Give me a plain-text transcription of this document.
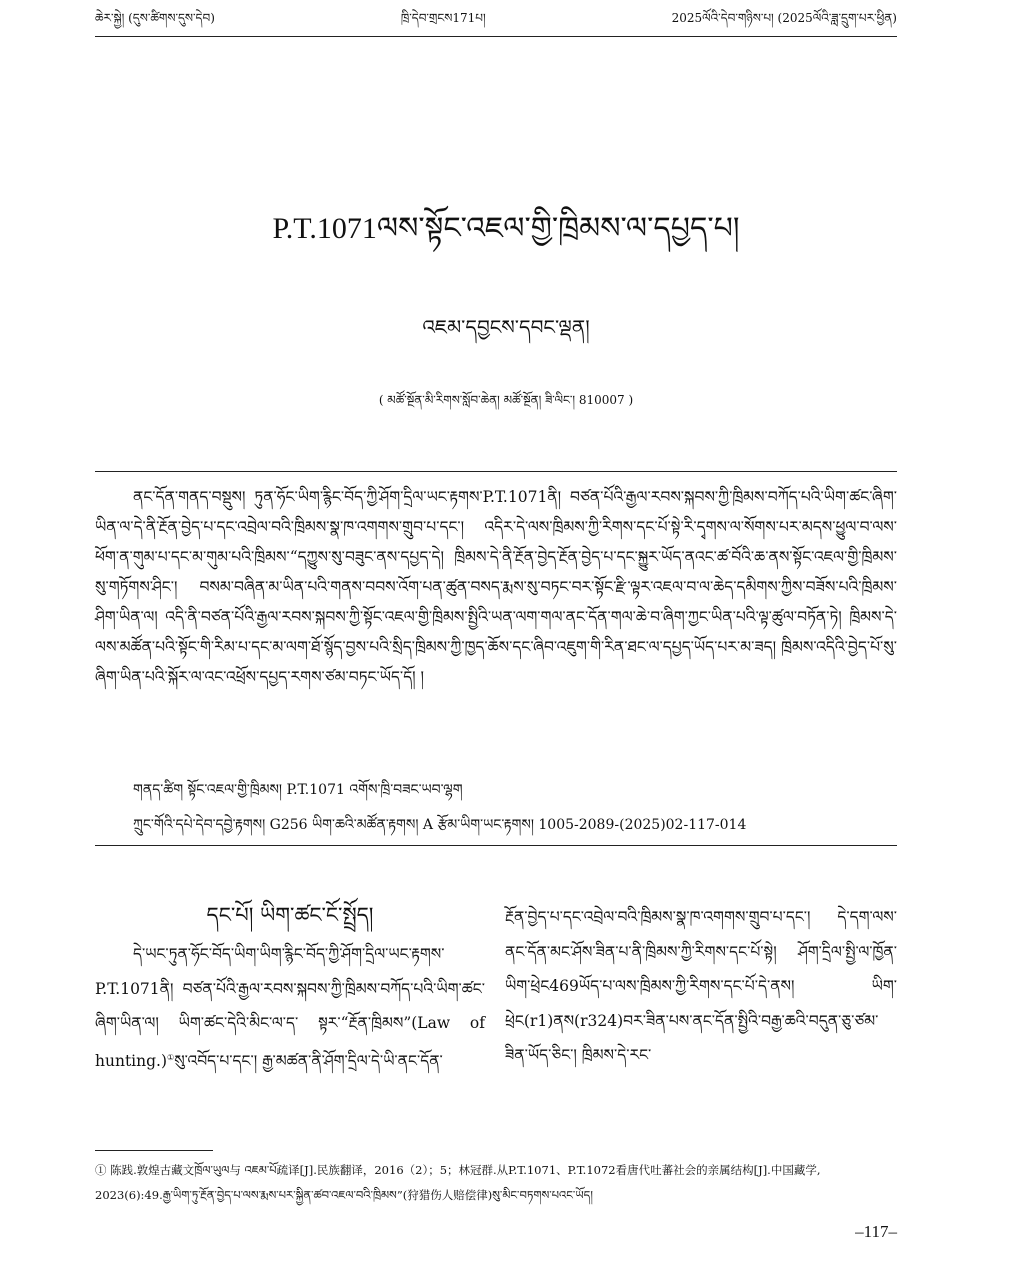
ཆེར་སྐྱེ། (དུས་ཚིགས་དུས་དེབ)	ཁྲི་དེབ་གྲངས171པ།	2025ལོའི་དེབ་གཉིས་པ། (2025ལོའི་ཟླ་དྲུག་པར་ཕྱིན)
P.T.1071ལས་སྟོང་འཇལ་གྱི་ཁྲིམས་ལ་དཔྱད་པ།
འཇམ་དབྱངས་དབང་ལྡན།
( མཚོ་སྔོན་མི་རིགས་སློབ་ཆེན། མཚོ་སྔོན། ཟི་ལིང་། 810007 )
ནང་དོན་གནད་བསྡུས། ཏུན་ཧོང་ཡིག་རྙིང་བོད་ཀྱི་ཤོག་དྲིལ་ཡང་རྟགས་P.T.1071ནི། བཙན་པོའི་རྒྱལ་རབས་སྐབས་ཀྱི་ཁྲིམས་བཀོད་པའི་ཡིག་ཚང་ཞིག་ཡིན་ལ་དེ་ནི་རྔོན་བྱེད་པ་དང་འབྲེལ་བའི་ཁྲིམས་སྣ་ཁ་འགགས་གྲུབ་པ་དང་། འདིར་དེ་ལས་ཁྲིམས་ཀྱི་རིགས་དང་པོ་སྟེ་རི་དྭགས་ལ་སོགས་པར་མདས་ཕྱུལ་བ་ལས་ཕོག་ན་གུམ་པ་དང་མ་གུམ་པའི་ཁྲིམས་“དཀྱུས་སུ་བཟུང་ནས་དཔྱད་དེ། ཁྲིམས་དེ་ནི་རྔོན་བྱེད་རྔོན་བྱེད་པ་དང་སྐྱུར་ཡོད་ནའང་ཚ་བོའི་ཆ་ནས་སྟོང་འཇལ་གྱི་ཁྲིམས་སུ་གཏོགས་ཤིང་། བསམ་བཞིན་མ་ཡིན་པའི་གནས་བབས་འོག་པན་ཚུན་བསད་རྨས་སུ་བཏང་བར་སྟོང་རྫི་ལྟར་འཇལ་བ་ལ་ཆེད་དམིགས་ཀྱིས་བཟོས་པའི་ཁྲིམས་ཤིག་ཡིན་ལ། འདི་ནི་བཙན་པོའི་རྒྱལ་རབས་སྐབས་ཀྱི་སྟོང་འཇལ་གྱི་ཁྲིམས་སྤྱིའི་ཡན་ལག་གལ་ནང་དོན་གལ་ཆེ་བ་ཞིག་ཀྱང་ཡིན་པའི་ལྟ་ཚུལ་བཏོན་ཏེ། ཁྲིམས་དེ་ལས་མཚོན་པའི་སྟོང་གི་རིམ་པ་དང་མ་ལག་ཐོ་སྙོད་བྱས་པའི་སྲིད་ཁྲིམས་ཀྱི་ཁྱད་ཆོས་དང་ཞིབ་འཇུག་གི་རིན་ཐང་ལ་དཔྱད་ཡོད་པར་མ་ཟད། ཁྲིམས་འདིའི་བྱེད་པོ་སུ་ཞིག་ཡིན་པའི་སྐོར་ལ་འང་འཕྲོས་དཔྱད་རགས་ཙམ་བཏང་ཡོད་དོ། །
གནད་ཚིག སྟོང་འཇལ་གྱི་ཁྲིམས། P.T.1071 འགོས་ཁྲི་བཟང་ཡབ་ལྷག
ཀྲུང་གོའི་དཔེ་དེབ་དབྱེ་རྟགས། G256 ཡིག་ཆའི་མཚོན་རྟགས། A རྩོམ་ཡིག་ཡང་རྟགས། 1005-2089-(2025)02-117-014
དང་པོ། ཡིག་ཚང་ངོ་སྤྲོད།
དེ་ཡང་ཏུན་ཧོང་བོད་ཡིག་ཡིག་རྙིང་བོད་ཀྱི་ཤོག་དྲིལ་ཡང་རྟགས་P.T.1071ནི། བཙན་པོའི་རྒྱལ་རབས་སྐབས་ཀྱི་ཁྲིམས་བཀོད་པའི་ཡིག་ཚང་ཞིག་ཡིན་ལ། ཡིག་ཚང་དེའི་མིང་ལ་ད་ སྟར་“རྔོན་ཁྲིམས”(Law of hunting.)①སུ་འབོད་པ་དང་། རྒྱ་མཚན་ནི་ཤོག་དྲིལ་དེ་ཡི་ནང་དོན་
རྔོན་བྱེད་པ་དང་འབྲེལ་བའི་ཁྲིམས་སྣ་ཁ་འགགས་གྲུབ་པ་དང་། དེ་དག་ལས་ནང་དོན་མང་ཤོས་ཟིན་པ་ནི་ཁྲིམས་ཀྱི་རིགས་དང་པོ་སྟེ། ཤོག་དྲིལ་སྤྱི་ལ་ཁྱོན་ཡིག་ཕྲེང469ཡོད་པ་ལས་ཁྲིམས་ཀྱི་རིགས་དང་པོ་དེ་ནས། ཡིག་ཕྲེང(r1)ནས(r324)བར་ཟིན་པས་ནང་དོན་སྤྱིའི་བརྒྱ་ཆའི་བདུན་ཅུ་ཙམ་ཟིན་ཡོད་ཅིང་། ཁྲིམས་དེ་རང་
① 陈践.敦煌古藏文ཁྲོལ་ཡུལ与 འཇམ་པོ疏译[J].民族翻译，2016（2）；5；林冠群.从P.T.1071、P.T.1072看唐代吐蕃社会的亲属结构[J].中国藏学, 2023(6):49.རྒྱ་ཡིག་ཏུ་རྔོན་བྱེད་པ་ལས་རྨས་པར་སྐྱིན་ཚབ་འཇལ་བའི་ཁྲིམས”(狩猎伤人赔偿律)སུ་མིང་བཏགས་པའང་ཡོད།
–117–
